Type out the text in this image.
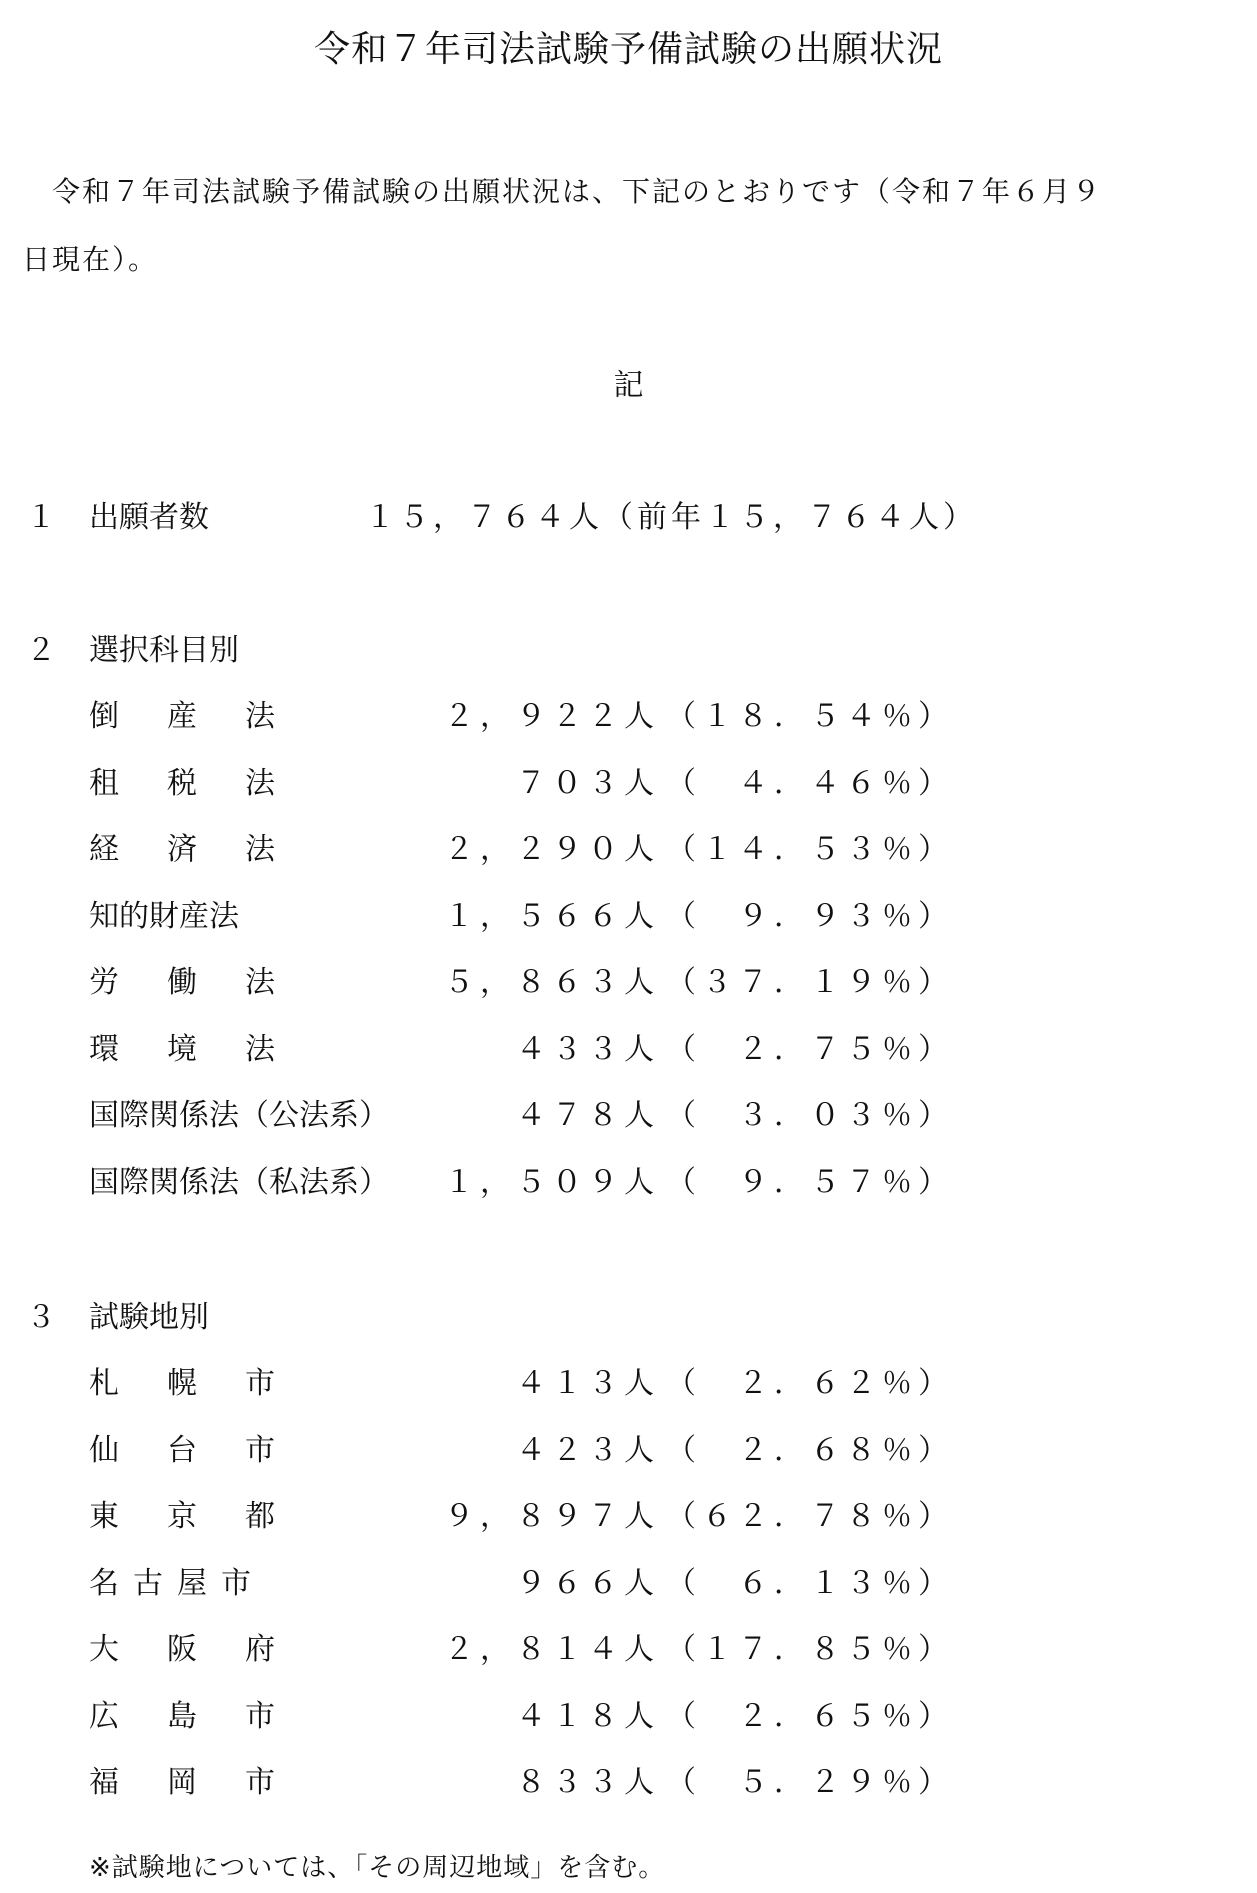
令和７年司法試験予備試験の出願状況
令和７年司法試験予備試験の出願状況は、下記のとおりです（令和７年６月９
日現在）。
記
１	出願者数	１５，７６４人（前年１５，７６４人）
２	選択科目別
倒産法	２，９２２人 （１８．５４％）
租税法	７０３人 （　４．４６％）
経済法	２，２９０人 （１４．５３％）
知的財産法	１，５６６人 （　９．９３％）
労働法	５，８６３人 （３７．１９％）
環境法	４３３人 （　２．７５％）
国際関係法（公法系）	４７８人 （　３．０３％）
国際関係法（私法系）	１，５０９人 （　９．５７％）
３	試験地別
札幌市	４１３人 （　２．６２％）
仙台市	４２３人 （　２．６８％）
東京都	９，８９７人 （６２．７８％）
名古屋市	９６６人 （　６．１３％）
大阪府	２，８１４人 （１７．８５％）
広島市	４１８人 （　２．６５％）
福岡市	８３３人 （　５．２９％）
※試験地については、「その周辺地域」を含む。
